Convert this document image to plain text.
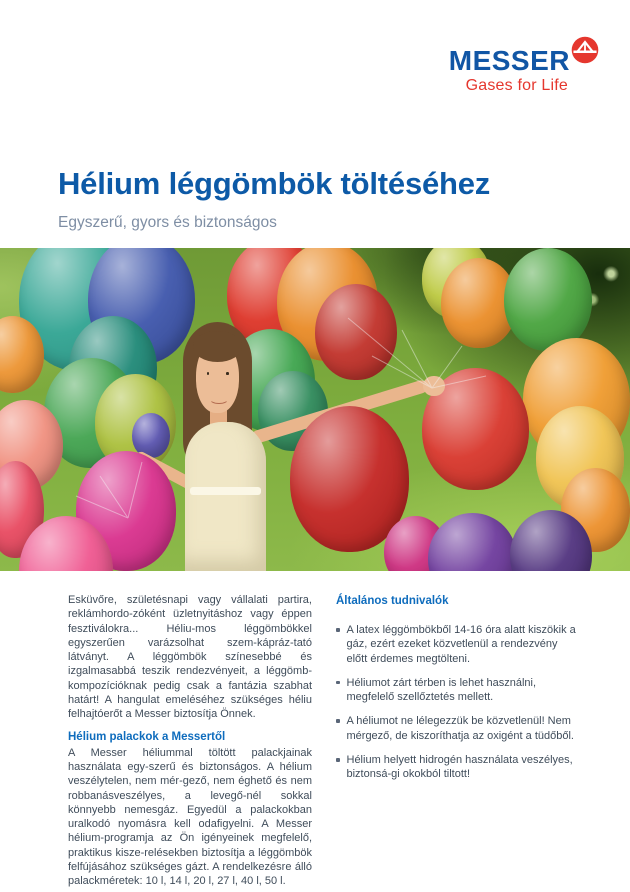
MESSER
Gases for Life
Hélium léggömbök töltéséhez

Egyszerű, gyors és biztonságos

Esküvőre, születésnapi vagy vállalati partira, reklámhordo-zóként üzletnyitáshoz vagy éppen fesztiválokra... Héliu-mos léggömbökkel egyszerűen varázsolhat szem-kápráz-tató látványt. A léggömbök színesebbé és izgalmasabbá teszik rendezvényeit, a léggömb-kompozícióknak pedig csak a fantázia szabhat határt! A hangulat emeléséhez szükséges héliu felhajtóerőt a Messer biztosítja Önnek.

Hélium palackok a Messertől

A Messer héliummal töltött palackjainak használata egy-szerű és biztonságos. A hélium veszélytelen, nem mér-gező, nem éghető és nem robbanásveszélyes, a levegő-nél sokkal könnyebb nemesgáz. Egyedül a palackokban uralkodó nyomásra kell odafigyelni. A Messer hélium-programja az Ön igényeinek megfelelő, praktikus kisze-relésekben biztosítja a léggömbök felfújásához szükséges gázt. A rendelkezésre álló palackméretek: 10 l, 14 l, 20 l, 27 l, 40 l, 50 l.

Általános tudnivalók
A latex léggömbökből 14-16 óra alatt kiszökik a gáz, ezért ezeket közvetlenül a rendezvény előtt érdemes megtölteni.
Héliumot zárt térben is lehet használni, megfelelő szellőztetés mellett.
A héliumot ne lélegezzük be közvetlenül! Nem mérgező, de kiszoríthatja az oxigént a tüdőből.
Hélium helyett hidrogén használata veszélyes, biztonsá-gi okokból tiltott!
